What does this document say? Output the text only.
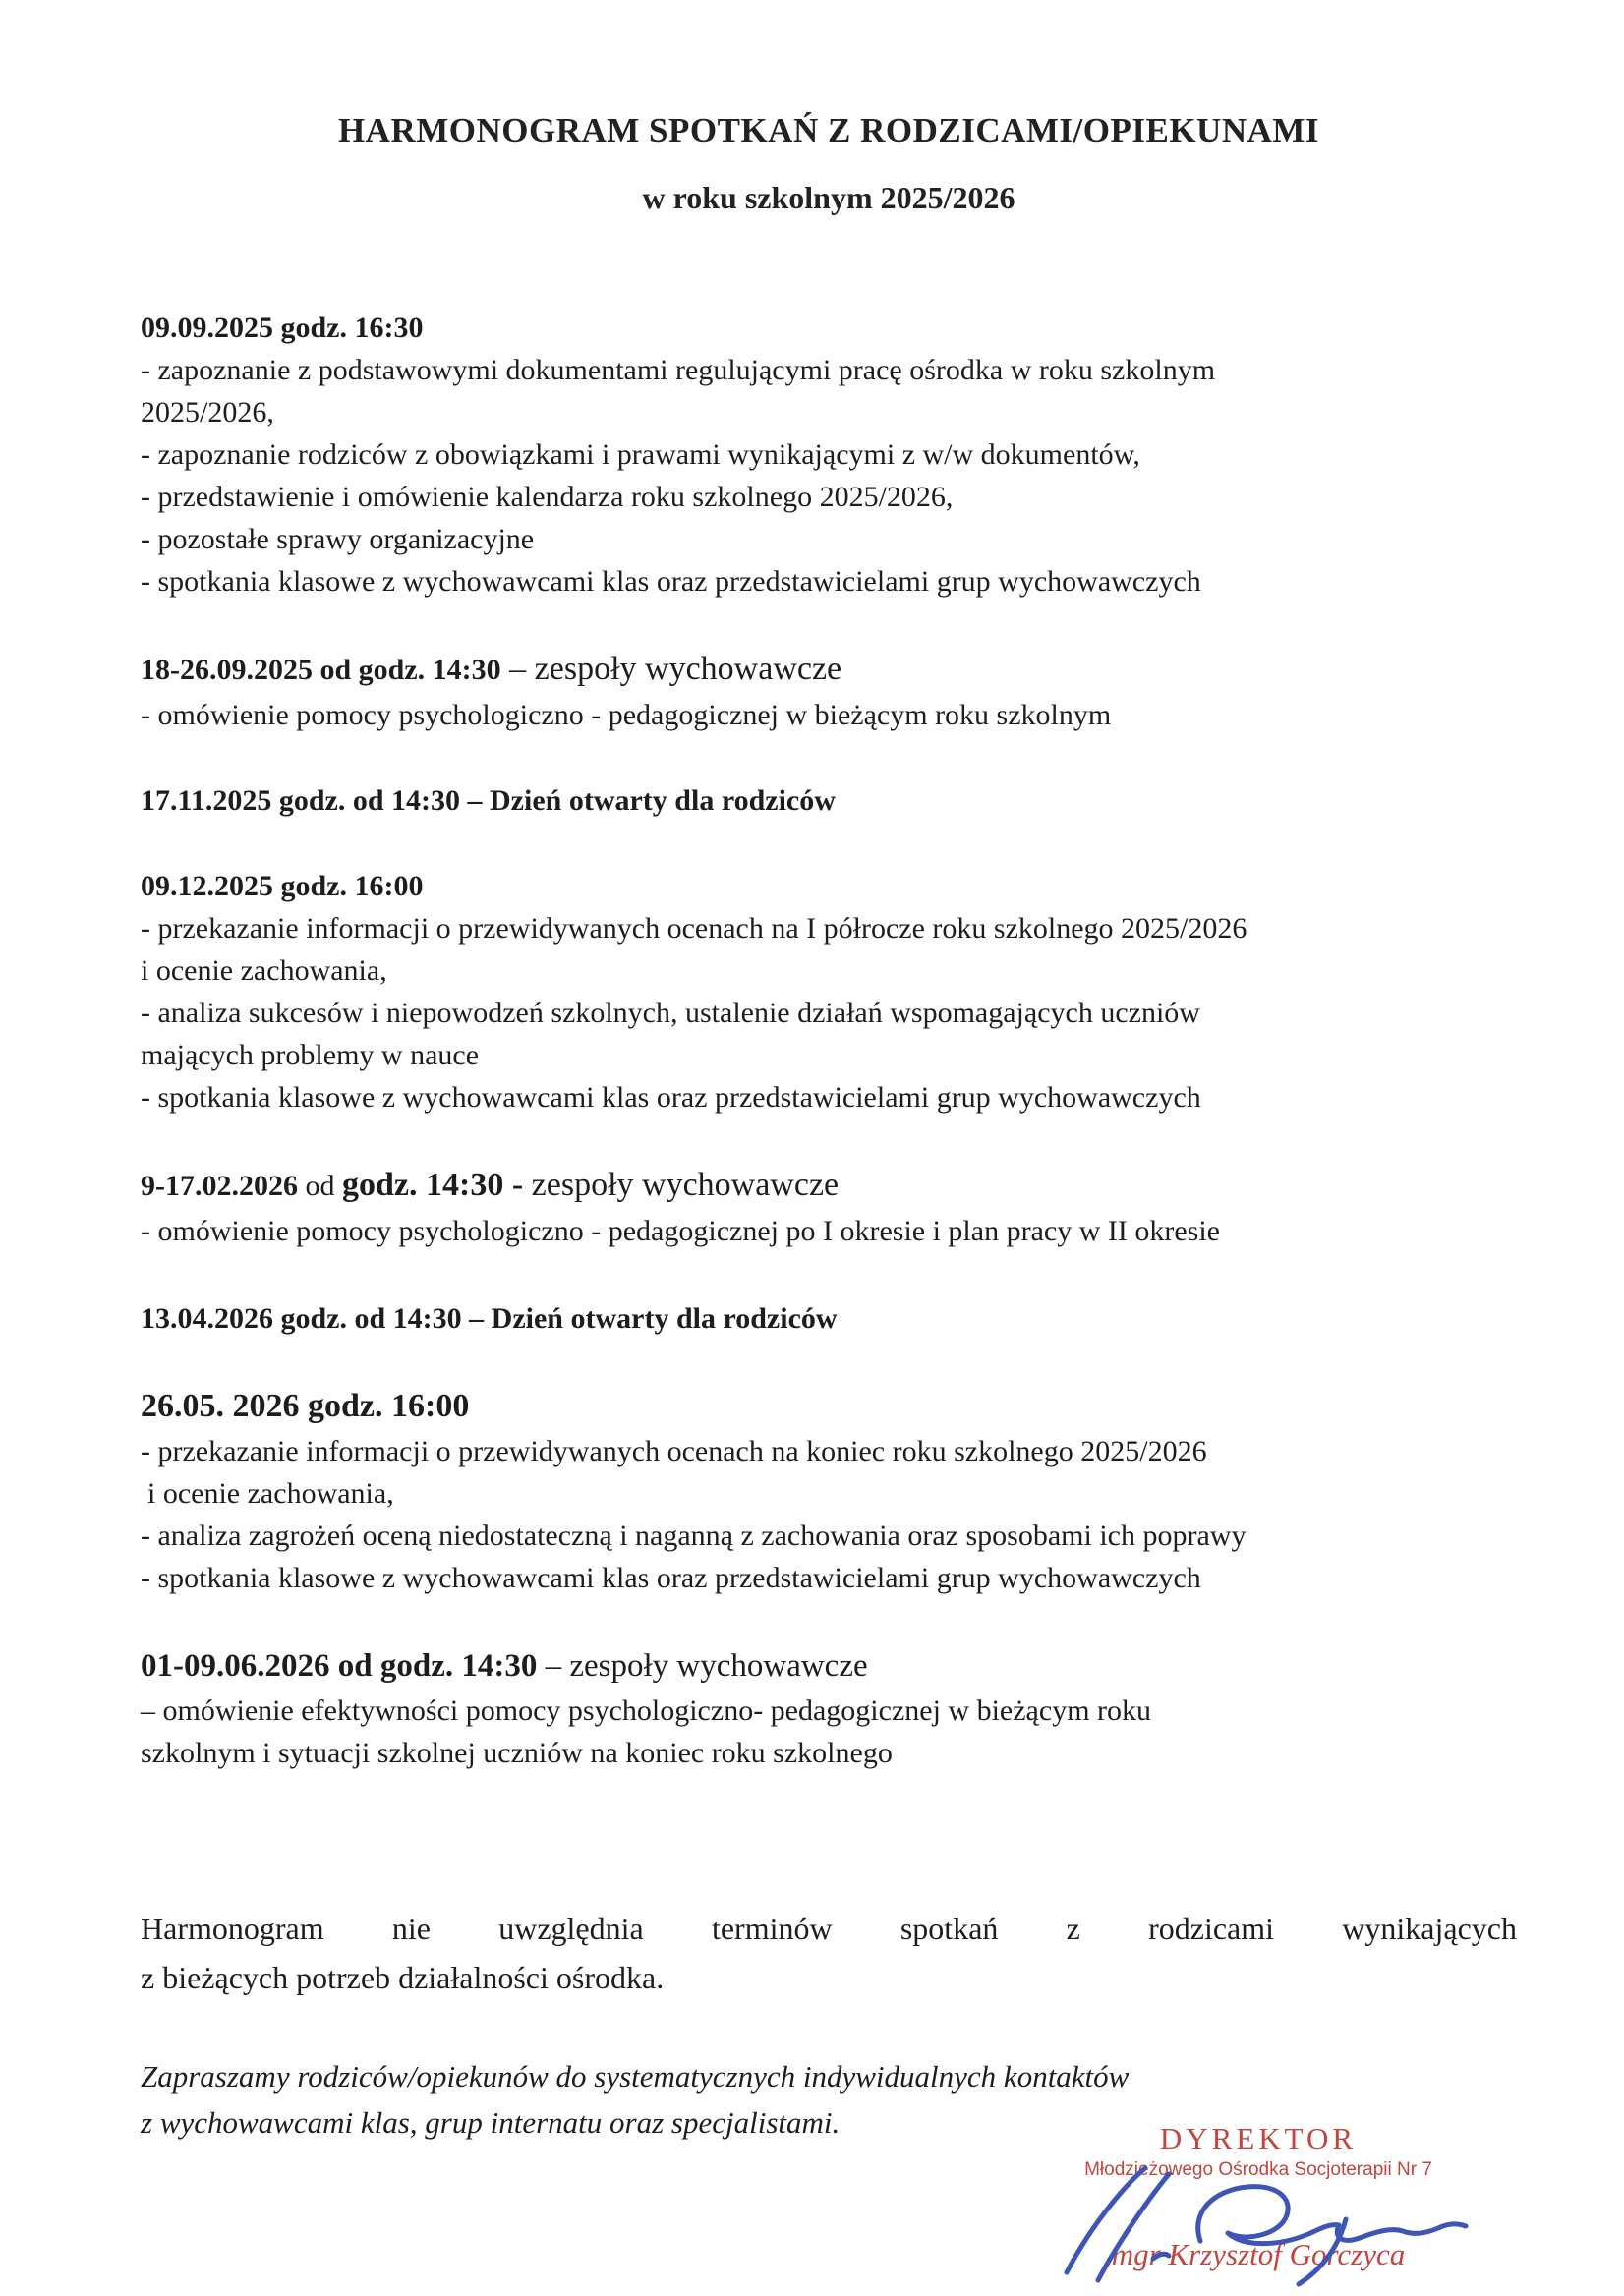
HARMONOGRAM SPOTKAŃ Z RODZICAMI/OPIEKUNAMI
w roku szkolnym 2025/2026
09.09.2025 godz. 16:30
- zapoznanie z podstawowymi dokumentami regulującymi pracę ośrodka w roku szkolnym
2025/2026,
- zapoznanie rodziców z obowiązkami i prawami wynikającymi z w/w dokumentów,
- przedstawienie i omówienie kalendarza roku szkolnego 2025/2026,
- pozostałe sprawy organizacyjne
- spotkania klasowe z wychowawcami klas oraz przedstawicielami grup wychowawczych
18-26.09.2025 od godz. 14:30 – zespoły wychowawcze
- omówienie pomocy psychologiczno - pedagogicznej w bieżącym roku szkolnym
17.11.2025 godz. od 14:30 – Dzień otwarty dla rodziców
09.12.2025 godz. 16:00
- przekazanie informacji o przewidywanych ocenach na I półrocze roku szkolnego 2025/2026
i ocenie zachowania,
- analiza sukcesów i niepowodzeń szkolnych, ustalenie działań wspomagających uczniów
mających problemy w nauce
- spotkania klasowe z wychowawcami klas oraz przedstawicielami grup wychowawczych
9-17.02.2026 od godz. 14:30 - zespoły wychowawcze
- omówienie pomocy psychologiczno - pedagogicznej po I okresie i plan pracy w II okresie
13.04.2026 godz. od 14:30 – Dzień otwarty dla rodziców
26.05. 2026 godz. 16:00
- przekazanie informacji o przewidywanych ocenach na koniec roku szkolnego 2025/2026
i ocenie zachowania,
- analiza zagrożeń oceną niedostateczną i naganną z zachowania oraz sposobami ich poprawy
- spotkania klasowe z wychowawcami klas oraz przedstawicielami grup wychowawczych
01-09.06.2026 od godz. 14:30 – zespoły wychowawcze
– omówienie efektywności pomocy psychologiczno- pedagogicznej w bieżącym roku
szkolnym i sytuacji szkolnej uczniów na koniec roku szkolnego
Harmonogram nie uwzględnia terminów spotkań z rodzicami wynikających
z bieżących potrzeb działalności ośrodka.
Zapraszamy rodziców/opiekunów do systematycznych indywidualnych kontaktów
z wychowawcami klas, grup internatu oraz specjalistami.	DYREKTOR
Młodzieżowego Ośrodka Socjoterapii Nr 7
mgr Krzysztof Gorczyca
